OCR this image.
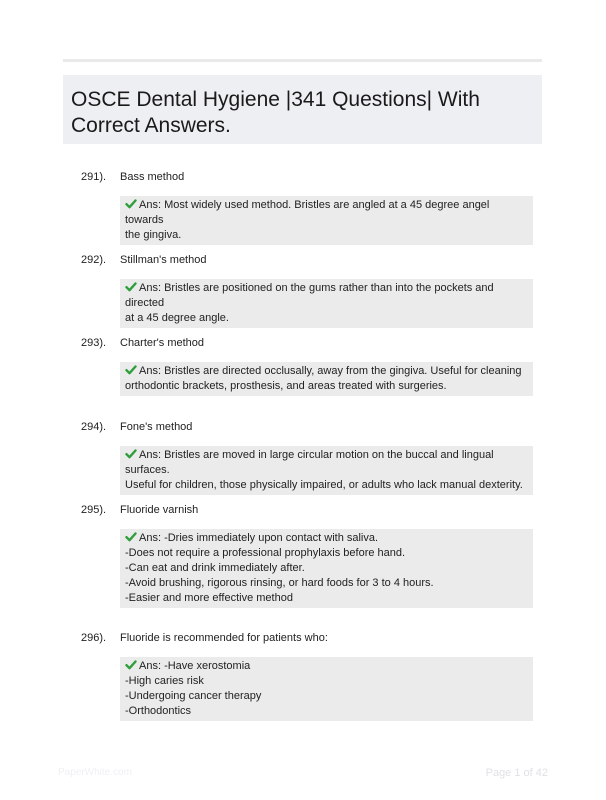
OSCE Dental Hygiene |341 Questions| With Correct Answers.
291). Bass method
Ans: Most widely used method. Bristles are angled at a 45 degree angel towards
the gingiva.
292). Stillman's method
Ans: Bristles are positioned on the gums rather than into the pockets and directed
at a 45 degree angle.
293). Charter's method
Ans: Bristles are directed occlusally, away from the gingiva. Useful for cleaning
orthodontic brackets, prosthesis, and areas treated with surgeries.
294). Fone's method
Ans: Bristles are moved in large circular motion on the buccal and lingual surfaces.
Useful for children, those physically impaired, or adults who lack manual dexterity.
295). Fluoride varnish
Ans: -Dries immediately upon contact with saliva.
-Does not require a professional prophylaxis before hand.
-Can eat and drink immediately after.
-Avoid brushing, rigorous rinsing, or hard foods for 3 to 4 hours.
-Easier and more effective method
296). Fluoride is recommended for patients who:
Ans: -Have xerostomia
-High caries risk
-Undergoing cancer therapy
-Orthodontics
PaperWhite.com	Page 1 of 42
